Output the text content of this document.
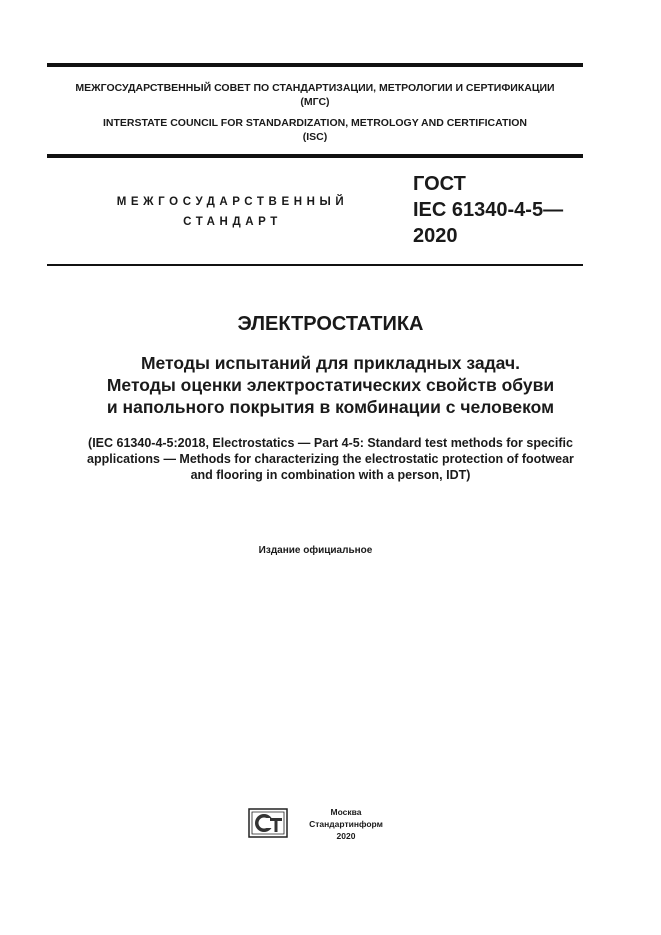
МЕЖГОСУДАРСТВЕННЫЙ СОВЕТ ПО СТАНДАРТИЗАЦИИ, МЕТРОЛОГИИ И СЕРТИФИКАЦИИ
(МГС)
INTERSTATE COUNCIL FOR STANDARDIZATION, METROLOGY AND CERTIFICATION
(ISC)
МЕЖГОСУДАРСТВЕННЫЙ
СТАНДАРТ
ГОСТ
IEC 61340-4-5—
2020
ЭЛЕКТРОСТАТИКА
Методы испытаний для прикладных задач.
Методы оценки электростатических свойств обуви
и напольного покрытия в комбинации с человеком
(IEC 61340-4-5:2018, Electrostatics — Part 4-5: Standard test methods for specific
applications — Methods for characterizing the electrostatic protection of footwear
and flooring in combination with a person, IDT)
Издание официальное
Москва
Стандартинформ
2020
